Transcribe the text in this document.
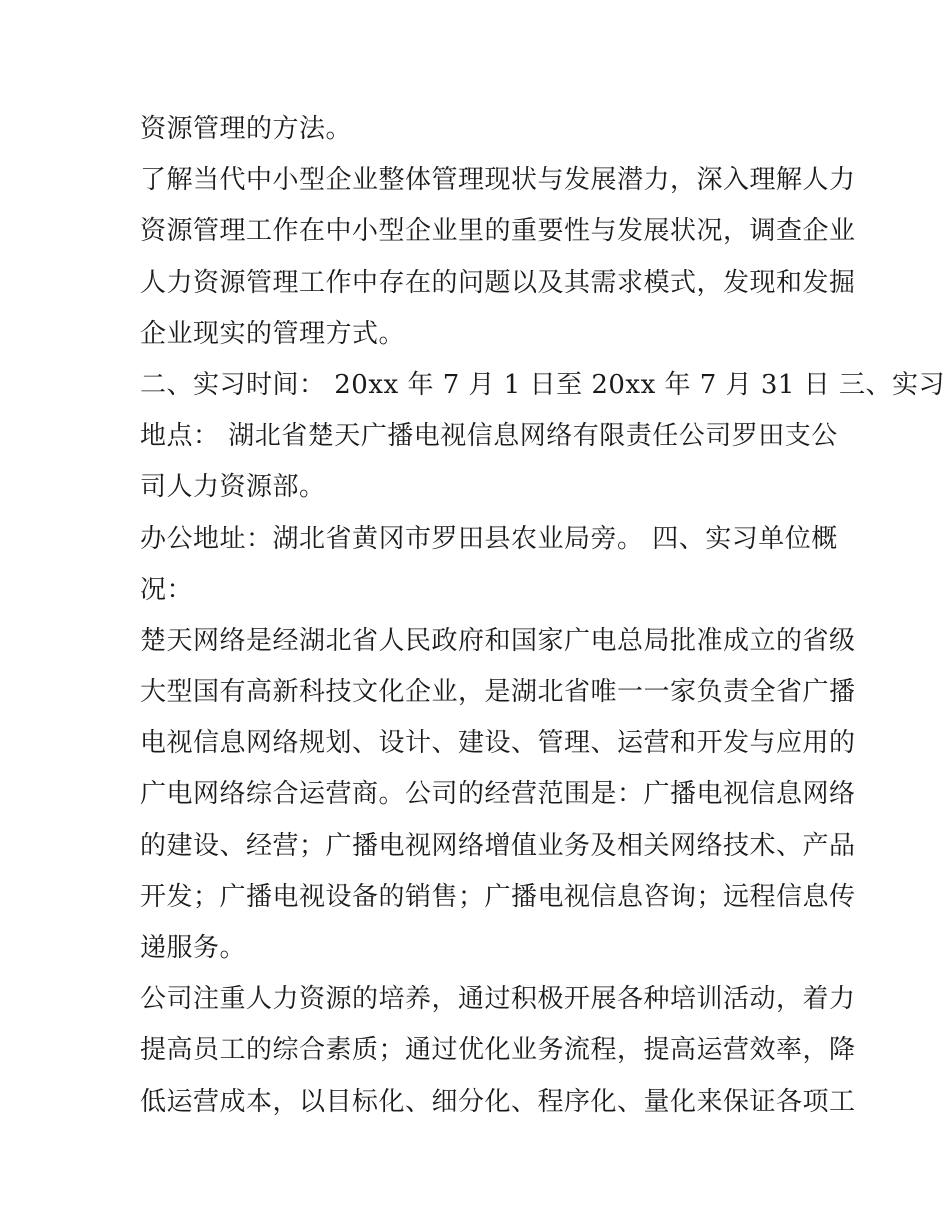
资源管理的方法。
了解当代中小型企业整体管理现状与发展潜力，深入理解人力
资源管理工作在中小型企业里的重要性与发展状况，调查企业
人力资源管理工作中存在的问题以及其需求模式，发现和发掘
企业现实的管理方式。
二、实习时间： 20xx 年 7 月 1 日至 20xx 年 7 月 31 日 三、实习
地点： 湖北省楚天广播电视信息网络有限责任公司罗田支公
司人力资源部。
办公地址：湖北省黄冈市罗田县农业局旁。 四、实习单位概
况：
楚天网络是经湖北省人民政府和国家广电总局批准成立的省级
大型国有高新科技文化企业，是湖北省唯一一家负责全省广播
电视信息网络规划、设计、建设、管理、运营和开发与应用的
广电网络综合运营商。公司的经营范围是：广播电视信息网络
的建设、经营；广播电视网络增值业务及相关网络技术、产品
开发；广播电视设备的销售；广播电视信息咨询；远程信息传
递服务。
公司注重人力资源的培养，通过积极开展各种培训活动，着力
提高员工的综合素质；通过优化业务流程，提高运营效率，降
低运营成本，以目标化、细分化、程序化、量化来保证各项工
